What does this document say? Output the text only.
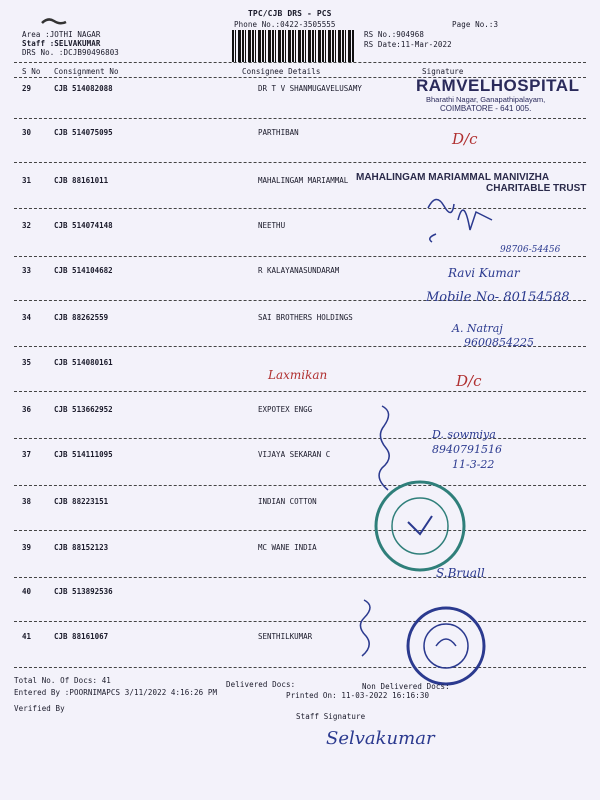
TPC/CJB DRS - PCS
Phone No.:0422-3505555	Page No.:3
Area :JOTHI NAGAR
Staff :SELVAKUMAR
DRS No. :DCJB90496803
RS No.:904968
RS Date:11-Mar-2022
S No Consignment No	Consignee Details	Signature
29	CJB 514082088	DR T V SHANMUGAVELUSAMY
30	CJB 514075095	PARTHIBAN
31	CJB 88161011	MAHALINGAM MARIAMMAL
32	CJB 514074148	NEETHU
33	CJB 514104682	R KALAYANASUNDARAM
34	CJB 88262559	SAI BROTHERS HOLDINGS
35	CJB 514080161
36	CJB 513662952	EXPOTEX ENGG
37	CJB 514111095	VIJAYA SEKARAN C
38	CJB 88223151	INDIAN COTTON
39	CJB 88152123	MC WANE INDIA
40	CJB 513892536
41	CJB 88161067	SENTHILKUMAR
RAMVELHOSPITAL
Bharathi Nagar, Ganapathipalayam,
COIMBATORE - 641 005.
MAHALINGAM MARIAMMAL MANIVIZHA
CHARITABLE TRUST
D/c
98706-54456
Ravi Kumar
Mobile No- 80154588
A. Natraj
9600854225
Laxmikan	D/c
D. sowmiya
8940791516
11-3-22
S.Bruall
Total No. Of Docs: 41	Delivered Docs:	Non Delivered Docs:
Entered By :POORNIMAPCS 3/11/2022 4:16:26 PM	Printed On: 11-03-2022 16:16:30
Verified By
Staff Signature
Selvakumar
